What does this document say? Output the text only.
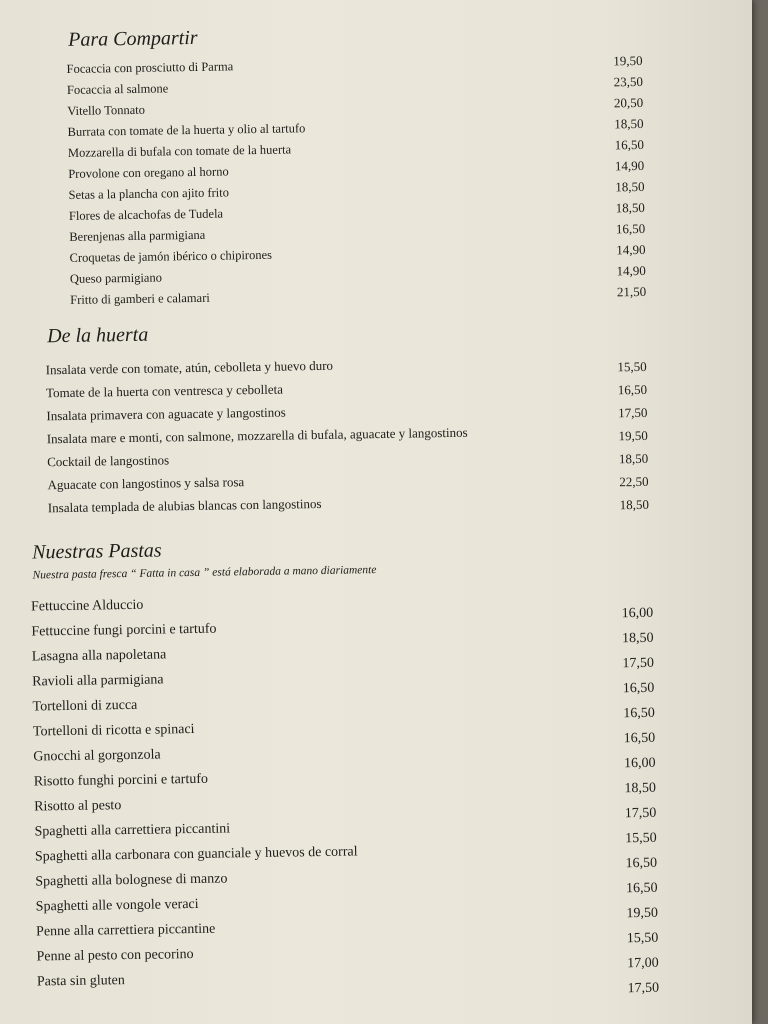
Para Compartir
Focaccia con prosciutto di Parma	19,50
Focaccia al salmone	23,50
Vitello Tonnato	20,50
Burrata con tomate de la huerta y olio al tartufo	18,50
Mozzarella di bufala con tomate de la huerta	16,50
Provolone con oregano al horno	14,90
Setas a la plancha con ajito frito	18,50
Flores de alcachofas de Tudela	18,50
Berenjenas alla parmigiana	16,50
Croquetas de jamón ibérico o chipirones	14,90
Queso parmigiano	14,90
Fritto di gamberi e calamari	21,50
De la huerta
Insalata verde con tomate, atún, cebolleta y huevo duro	15,50
Tomate de la huerta con ventresca y cebolleta	16,50
Insalata primavera con aguacate y langostinos	17,50
Insalata mare e monti, con salmone, mozzarella di bufala, aguacate y langostinos	19,50
Cocktail de langostinos	18,50
Aguacate con langostinos y salsa rosa	22,50
Insalata templada de alubias blancas con langostinos	18,50
Nuestras Pastas
Nuestra pasta fresca “ Fatta in casa ” está elaborada a mano diariamente
Fettuccine Alduccio	16,00
Fettuccine fungi porcini e tartufo	18,50
Lasagna alla napoletana	17,50
Ravioli alla parmigiana	16,50
Tortelloni di zucca	16,50
Tortelloni di ricotta e spinaci	16,50
Gnocchi al gorgonzola	16,00
Risotto funghi porcini e tartufo	18,50
Risotto al pesto	17,50
Spaghetti alla carrettiera piccantini	15,50
Spaghetti alla carbonara con guanciale y huevos de corral	16,50
Spaghetti alla bolognese di manzo	16,50
Spaghetti alle vongole veraci	19,50
Penne alla carrettiera piccantine	15,50
Penne al pesto con pecorino	17,00
Pasta sin gluten	17,50
